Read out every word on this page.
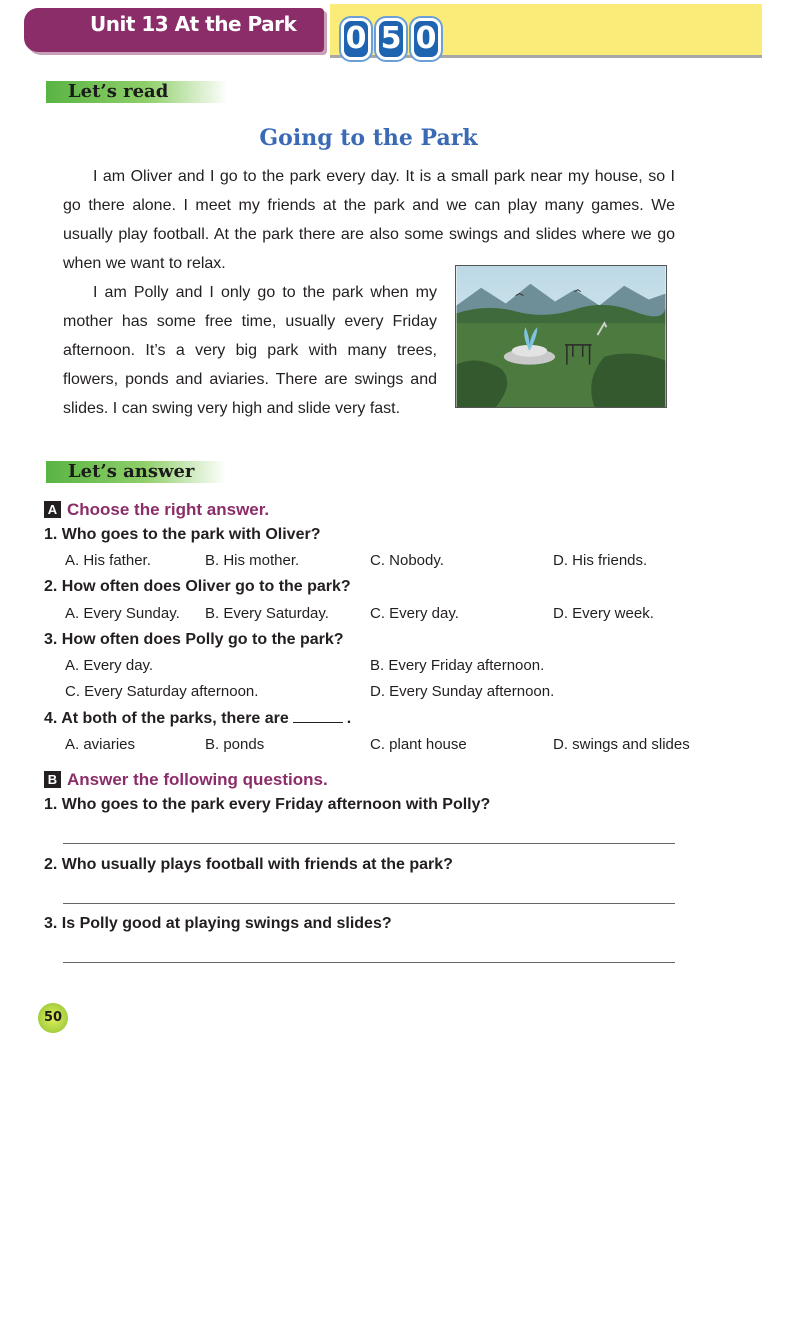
Unit 13 At the Park 0 5 0
Let’s read
Going to the Park

I am Oliver and I go to the park every day. It is a small park near my house, so I go there alone. I meet my friends at the park and we can play many games. We usually play football. At the park there are also some swings and slides where we go when we want to relax.

I am Polly and I only go to the park when my mother has some free time, usually every Friday afternoon. It’s a very big park with many trees, flowers, ponds and aviaries. There are swings and slides. I can swing very high and slide very fast.

Let’s answer
A Choose the right answer.
1. Who goes to the park with Oliver?
A. His father.	B. His mother.	C. Nobody.	D. His friends.
2. How often does Oliver go to the park?
A. Every Sunday. B. Every Saturday.	C. Every day.	D. Every week.
3. How often does Polly go to the park?
A. Every day.	B. Every Friday afternoon.
C. Every Saturday afternoon.	D. Every Sunday afternoon.
4. At both of the parks, there are	.
A. aviaries	B. ponds	C. plant house	D. swings and slides
B Answer the following questions.
1. Who goes to the park every Friday afternoon with Polly?
2. Who usually plays football with friends at the park?
3. Is Polly good at playing swings and slides?
50
